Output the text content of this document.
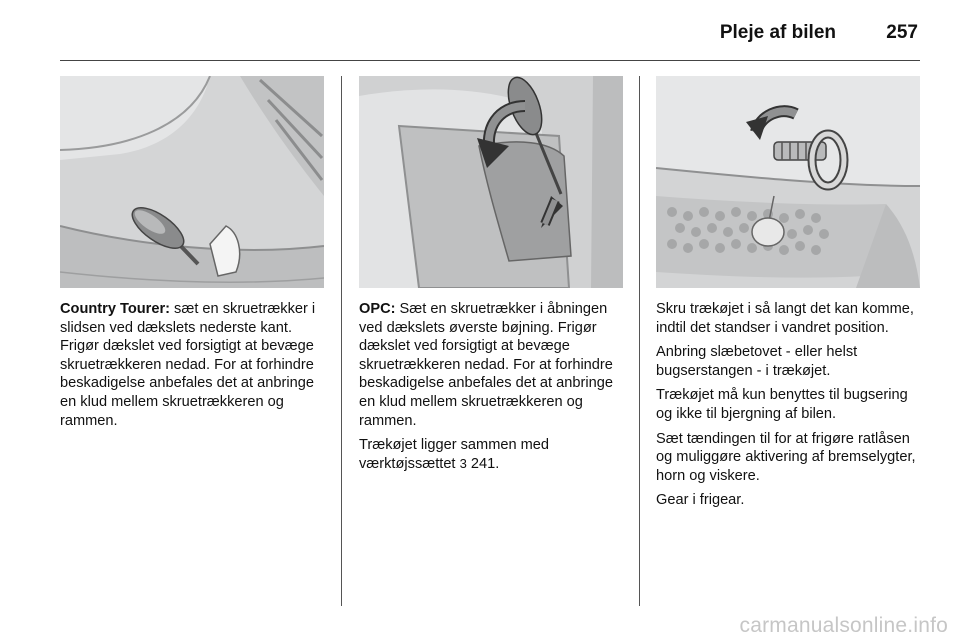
Pleje af bilen	257

Country Tourer: sæt en skruetrækker i slidsen ved dækslets nederste kant. Frigør dækslet ved forsigtigt at bevæge skruetrækkeren nedad. For at forhindre beskadigelse anbefales det at anbringe en klud mellem skruetrækkeren og rammen.

OPC: Sæt en skruetrækker i åbningen ved dækslets øverste bøjning. Frigør dækslet ved forsigtigt at bevæge skruetrækkeren nedad. For at forhindre beskadigelse anbefales det at anbringe en klud mellem skruetrækkeren og rammen.

Trækøjet ligger sammen med værktøjssættet 3 241.

Skru trækøjet i så langt det kan komme, indtil det standser i vandret position.

Anbring slæbetovet - eller helst bugserstangen - i trækøjet.

Trækøjet må kun benyttes til bugsering og ikke til bjergning af bilen.

Sæt tændingen til for at frigøre ratlåsen og muliggøre aktivering af bremselygter, horn og viskere.

Gear i frigear.

carmanualsonline.info
